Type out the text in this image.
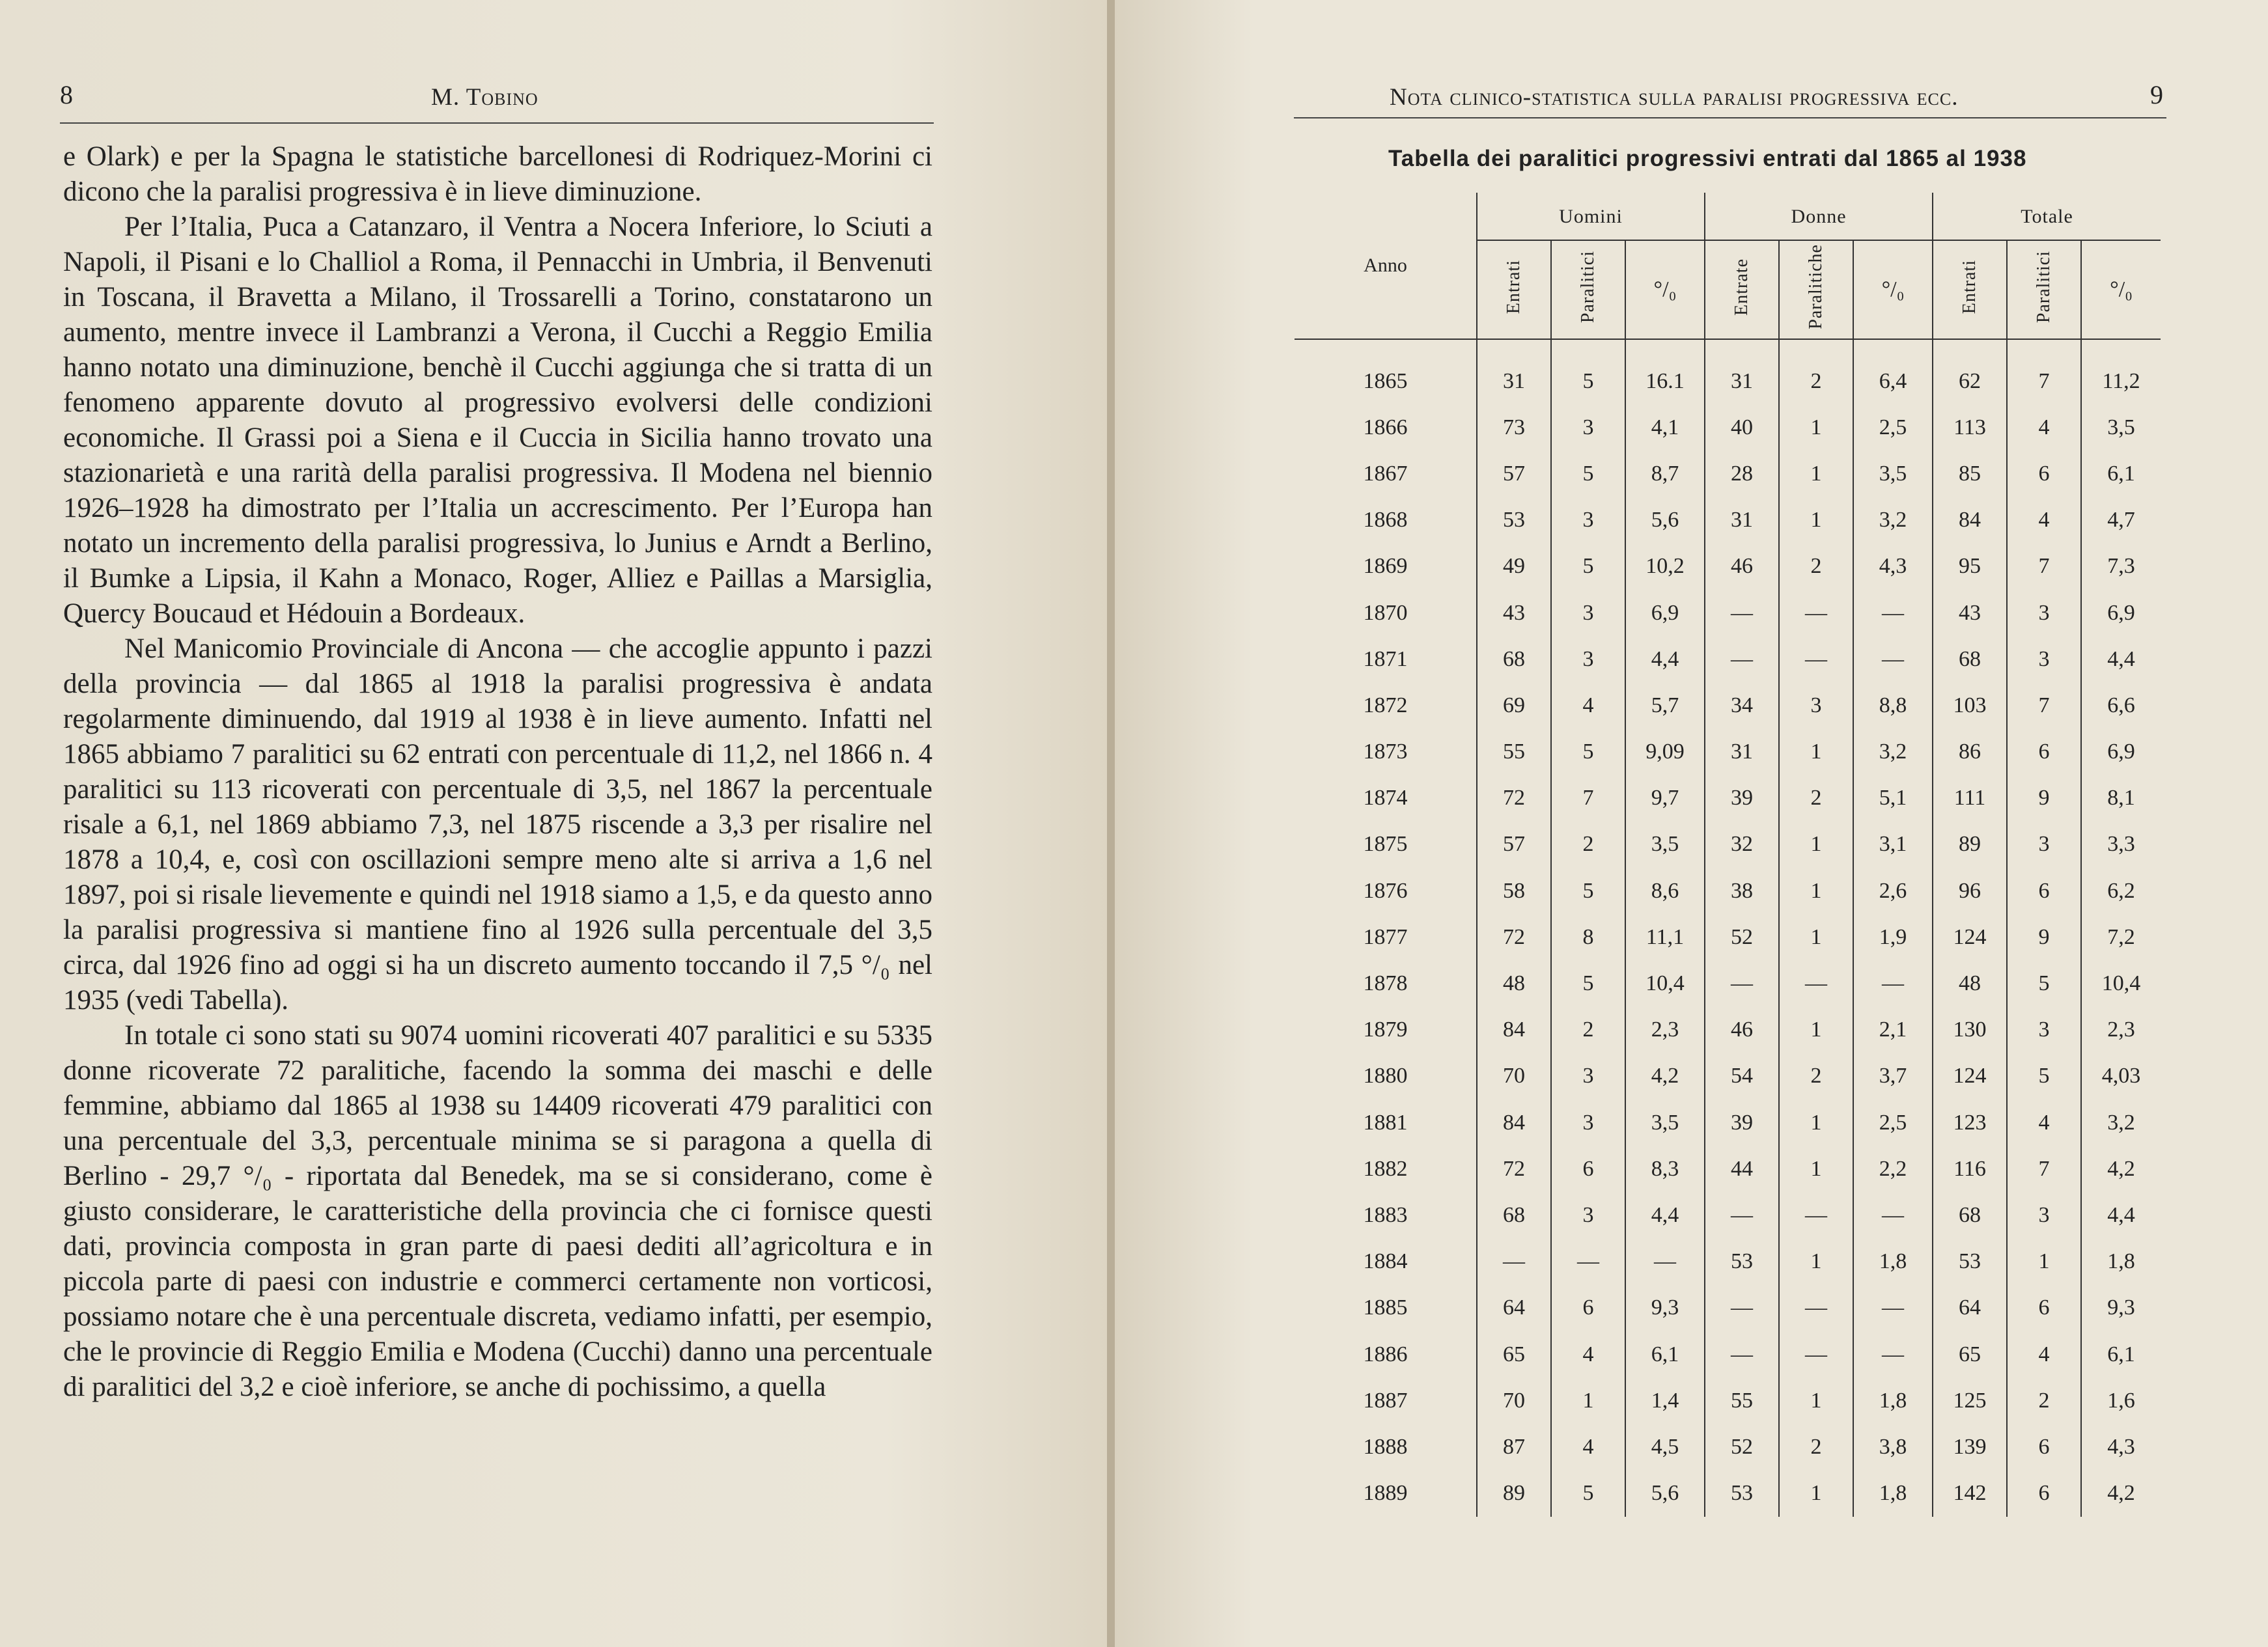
8	M. Tobino

e Olark) e per la Spagna le statistiche barcellonesi di Rodriquez-Morini ci dicono che la paralisi progressiva è in lieve diminuzione.

Per l’Italia, Puca a Catanzaro, il Ventra a Nocera Inferiore, lo Sciuti a Napoli, il Pisani e lo Challiol a Roma, il Pennacchi in Umbria, il Benvenuti in Toscana, il Bravetta a Milano, il Trossarelli a Torino, constatarono un aumento, mentre invece il Lambranzi a Verona, il Cucchi a Reggio Emilia hanno notato una diminuzione, benchè il Cucchi aggiunga che si tratta di un fenomeno apparente dovuto al progressivo evolversi delle condizioni economiche. Il Grassi poi a Siena e il Cuccia in Sicilia hanno trovato una stazionarietà e una rarità della paralisi progressiva. Il Modena nel biennio 1926–1928 ha dimostrato per l’Italia un accrescimento. Per l’Europa han notato un incremento della paralisi progressiva, lo Junius e Arndt a Berlino, il Bumke a Lipsia, il Kahn a Monaco, Roger, Alliez e Paillas a Marsiglia, Quercy Boucaud et Hédouin a Bordeaux.

Nel Manicomio Provinciale di Ancona — che accoglie appunto i pazzi della provincia — dal 1865 al 1918 la paralisi progressiva è andata regolarmente diminuendo, dal 1919 al 1938 è in lieve aumento. Infatti nel 1865 abbiamo 7 paralitici su 62 entrati con percentuale di 11,2, nel 1866 n. 4 paralitici su 113 ricoverati con percentuale di 3,5, nel 1867 la percentuale risale a 6,1, nel 1869 abbiamo 7,3, nel 1875 riscende a 3,3 per risalire nel 1878 a 10,4, e, così con oscillazioni sempre meno alte si arriva a 1,6 nel 1897, poi si risale lievemente e quindi nel 1918 siamo a 1,5, e da questo anno la paralisi progressiva si mantiene fino al 1926 sulla percentuale del 3,5 circa, dal 1926 fino ad oggi si ha un discreto aumento toccando il 7,5 °/₀ nel 1935 (vedi Tabella).

In totale ci sono stati su 9074 uomini ricoverati 407 paralitici e su 5335 donne ricoverate 72 paralitiche, facendo la somma dei maschi e delle femmine, abbiamo dal 1865 al 1938 su 14409 ricoverati 479 paralitici con una percentuale del 3,3, percentuale minima se si paragona a quella di Berlino - 29,7 °/₀ - riportata dal Benedek, ma se si considerano, come è giusto considerare, le caratteristiche della provincia che ci fornisce questi dati, provincia composta in gran parte di paesi dediti all’agricoltura e in piccola parte di paesi con industrie e commerci certamente non vorticosi, possiamo notare che è una percentuale discreta, vediamo infatti, per esempio, che le provincie di Reggio Emilia e Modena (Cucchi) danno una percentuale di paralitici del 3,2 e cioè inferiore, se anche di pochissimo, a quella

Nota clinico-statistica sulla paralisi progressiva ecc.	9
Tabella dei paralitici progressivi entrati dal 1865 al 1938
Anno	Uomini			Donne			Totale		
	Entrati	Paralitici	°/₀	Entrate	Paralitiche	°/₀	Entrati	Paralitici	°/₀
1865	31	5	16.1	31	2	6,4	62	7	11,2
1866	73	3	4,1	40	1	2,5	113	4	3,5
1867	57	5	8,7	28	1	3,5	85	6	6,1
1868	53	3	5,6	31	1	3,2	84	4	4,7
1869	49	5	10,2	46	2	4,3	95	7	7,3
1870	43	3	6,9	—	—	—	43	3	6,9
1871	68	3	4,4	—	—	—	68	3	4,4
1872	69	4	5,7	34	3	8,8	103	7	6,6
1873	55	5	9,09	31	1	3,2	86	6	6,9
1874	72	7	9,7	39	2	5,1	111	9	8,1
1875	57	2	3,5	32	1	3,1	89	3	3,3
1876	58	5	8,6	38	1	2,6	96	6	6,2
1877	72	8	11,1	52	1	1,9	124	9	7,2
1878	48	5	10,4	—	—	—	48	5	10,4
1879	84	2	2,3	46	1	2,1	130	3	2,3
1880	70	3	4,2	54	2	3,7	124	5	4,03
1881	84	3	3,5	39	1	2,5	123	4	3,2
1882	72	6	8,3	44	1	2,2	116	7	4,2
1883	68	3	4,4	—	—	—	68	3	4,4
1884	—	—	—	53	1	1,8	53	1	1,8
1885	64	6	9,3	—	—	—	64	6	9,3
1886	65	4	6,1	—	—	—	65	4	6,1
1887	70	1	1,4	55	1	1,8	125	2	1,6
1888	87	4	4,5	52	2	3,8	139	6	4,3
1889	89	5	5,6	53	1	1,8	142	6	4,2
